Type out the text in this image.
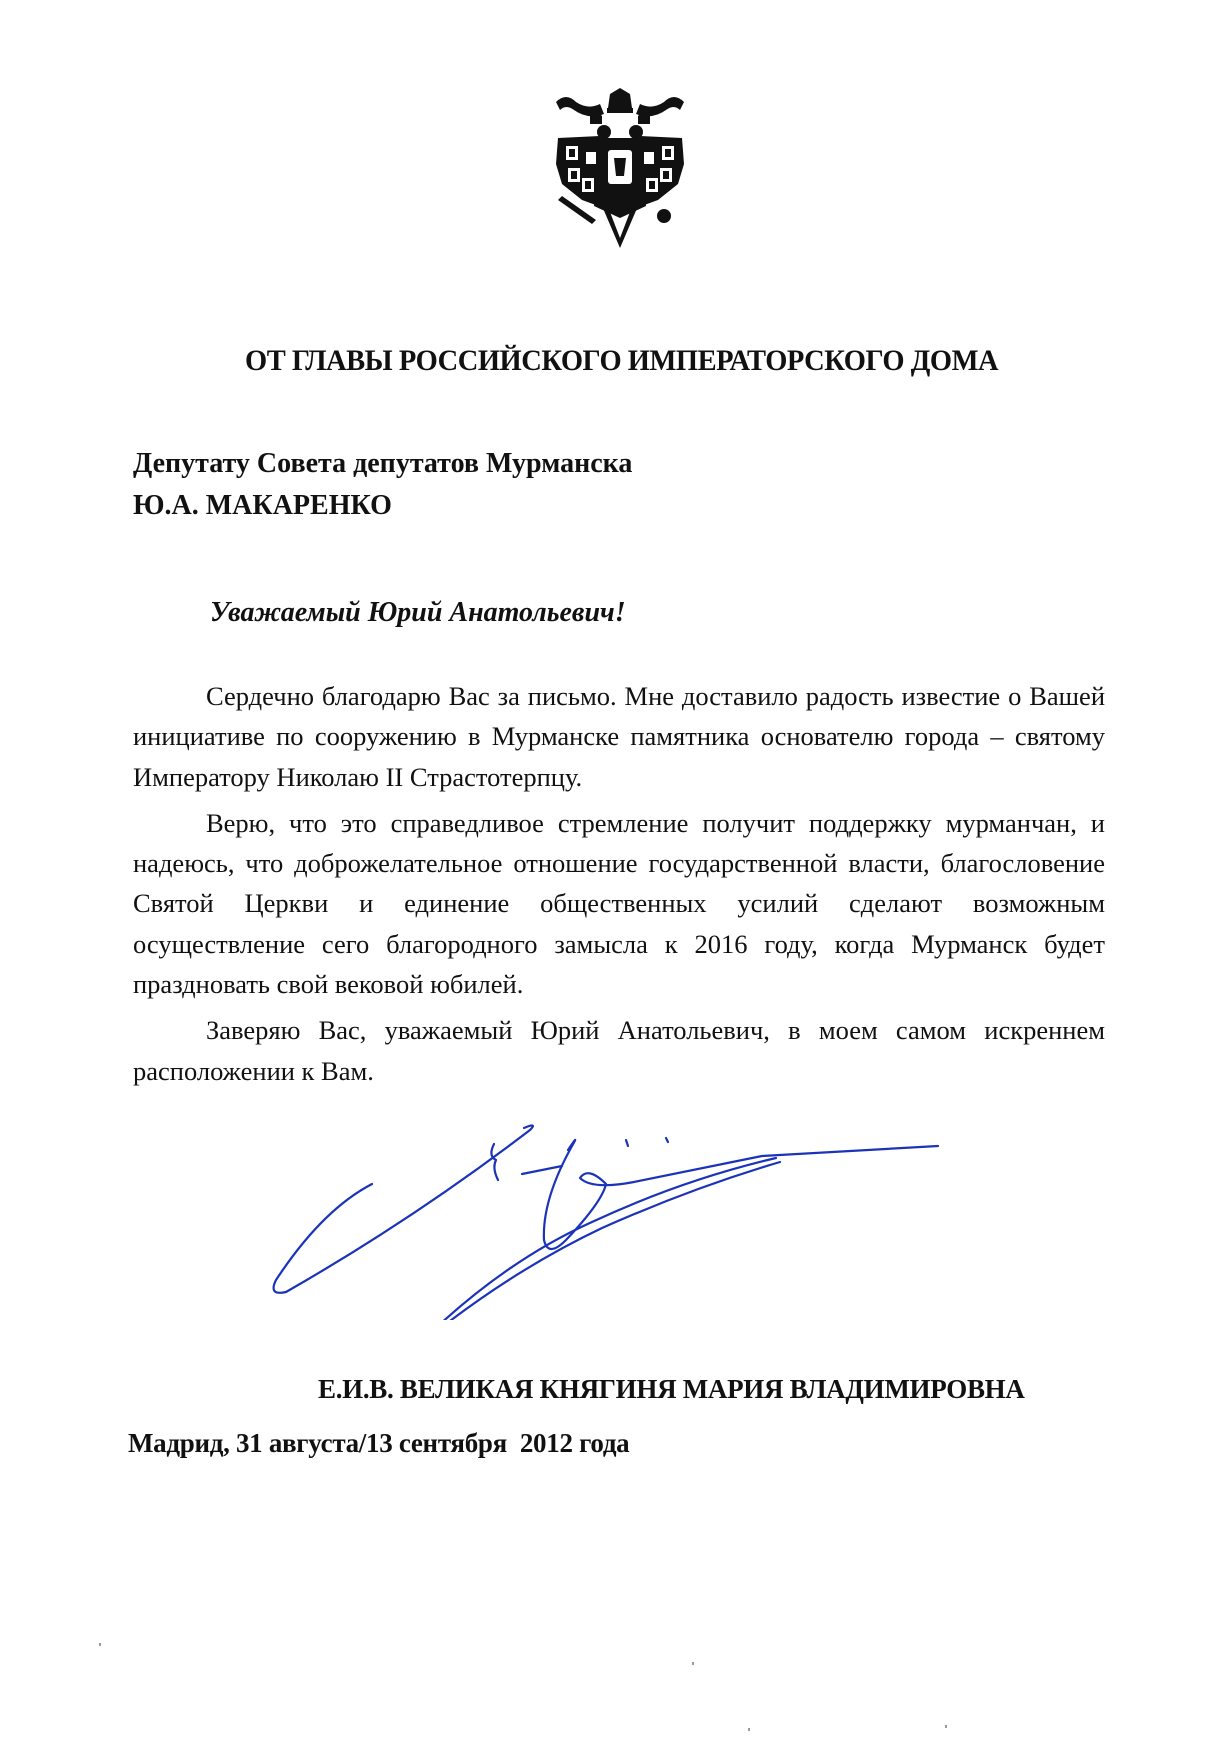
ОТ ГЛАВЫ РОССИЙСКОГО ИМПЕРАТОРСКОГО ДОМА
Депутату Совета депутатов Мурманска
Ю.А. МАКАРЕНКО
Уважаемый Юрий Анатольевич!

Сердечно благодарю Вас за письмо. Мне доставило радость известие о Вашей инициативе по сооружению в Мурманске памятника основателю города – святому Императору Николаю II Страстотерпцу.

Верю, что это справедливое стремление получит поддержку мурманчан, и надеюсь, что доброжелательное отношение государственной власти, благословение Святой Церкви и единение общественных усилий сделают возможным осуществление сего благородного замысла к 2016 году, когда Мурманск будет праздновать свой вековой юбилей.

Заверяю Вас, уважаемый Юрий Анатольевич, в моем самом искреннем расположении к Вам.

Е.И.В. ВЕЛИКАЯ КНЯГИНЯ МАРИЯ ВЛАДИМИРОВНА
Мадрид, 31 августа/13 сентября  2012 года
